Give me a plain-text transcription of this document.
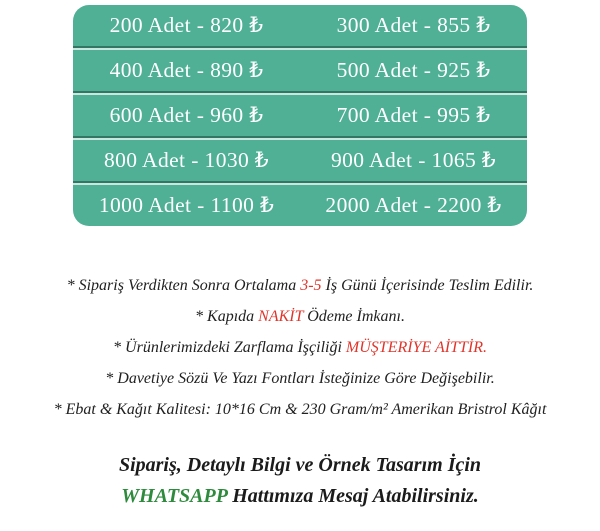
200 Adet - 820 ₺	300 Adet - 855 ₺
400 Adet - 890 ₺	500 Adet - 925 ₺
600 Adet - 960 ₺	700 Adet - 995 ₺
800 Adet - 1030 ₺	900 Adet - 1065 ₺
1000 Adet - 1100 ₺	2000 Adet - 2200 ₺

* Sipariş Verdikten Sonra Ortalama 3-5 İş Günü İçerisinde Teslim Edilir.

* Kapıda NAKİT Ödeme İmkanı.

* Ürünlerimizdeki Zarflama İşçiliği MÜŞTERİYE AİTTİR.

* Davetiye Sözü Ve Yazı Fontları İsteğinize Göre Değişebilir.

* Ebat & Kağıt Kalitesi: 10*16 Cm & 230 Gram/m² Amerikan Bristrol Kâğıt

Sipariş, Detaylı Bilgi ve Örnek Tasarım İçin

WHATSAPP Hattımıza Mesaj Atabilirsiniz.
